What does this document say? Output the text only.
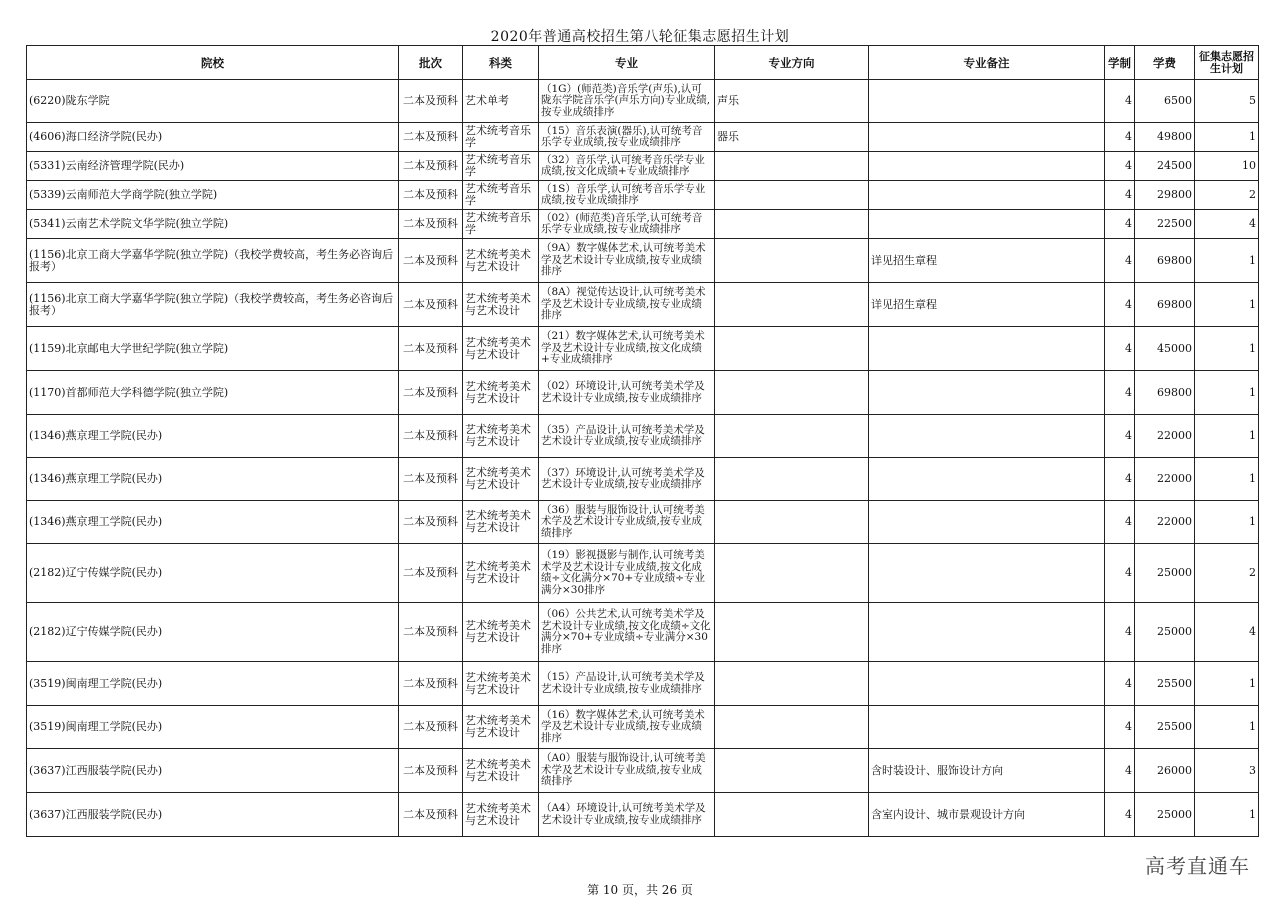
2020年普通高校招生第八轮征集志愿招生计划
院校	批次	科类	专业	专业方向	专业备注	学制	学费	征集志愿招生计划
(6220)陇东学院	二本及预科	艺术单考	（1G）(师范类)音乐学(声乐),认可陇东学院音乐学(声乐方向)专业成绩,按专业成绩排序	声乐		4	6500	5
(4606)海口经济学院(民办)	二本及预科	艺术统考音乐学	（15）音乐表演(器乐),认可统考音乐学专业成绩,按专业成绩排序	器乐		4	49800	1
(5331)云南经济管理学院(民办)	二本及预科	艺术统考音乐学	（32）音乐学,认可统考音乐学专业成绩,按文化成绩+专业成绩排序			4	24500	10
(5339)云南师范大学商学院(独立学院)	二本及预科	艺术统考音乐学	（1S）音乐学,认可统考音乐学专业成绩,按专业成绩排序			4	29800	2
(5341)云南艺术学院文华学院(独立学院)	二本及预科	艺术统考音乐学	（02）(师范类)音乐学,认可统考音乐学专业成绩,按专业成绩排序			4	22500	4
(1156)北京工商大学嘉华学院(独立学院)（我校学费较高，考生务必咨询后报考）	二本及预科	艺术统考美术与艺术设计	（9A）数字媒体艺术,认可统考美术学及艺术设计专业成绩,按专业成绩排序		详见招生章程	4	69800	1
(1156)北京工商大学嘉华学院(独立学院)（我校学费较高，考生务必咨询后报考）	二本及预科	艺术统考美术与艺术设计	（8A）视觉传达设计,认可统考美术学及艺术设计专业成绩,按专业成绩排序		详见招生章程	4	69800	1
(1159)北京邮电大学世纪学院(独立学院)	二本及预科	艺术统考美术与艺术设计	（21）数字媒体艺术,认可统考美术学及艺术设计专业成绩,按文化成绩+专业成绩排序			4	45000	1
(1170)首都师范大学科德学院(独立学院)	二本及预科	艺术统考美术与艺术设计	（02）环境设计,认可统考美术学及艺术设计专业成绩,按专业成绩排序			4	69800	1
(1346)燕京理工学院(民办)	二本及预科	艺术统考美术与艺术设计	（35）产品设计,认可统考美术学及艺术设计专业成绩,按专业成绩排序			4	22000	1
(1346)燕京理工学院(民办)	二本及预科	艺术统考美术与艺术设计	（37）环境设计,认可统考美术学及艺术设计专业成绩,按专业成绩排序			4	22000	1
(1346)燕京理工学院(民办)	二本及预科	艺术统考美术与艺术设计	（36）服装与服饰设计,认可统考美术学及艺术设计专业成绩,按专业成绩排序			4	22000	1
(2182)辽宁传媒学院(民办)	二本及预科	艺术统考美术与艺术设计	（19）影视摄影与制作,认可统考美术学及艺术设计专业成绩,按文化成绩÷文化满分×70+专业成绩÷专业满分×30排序			4	25000	2
(2182)辽宁传媒学院(民办)	二本及预科	艺术统考美术与艺术设计	（06）公共艺术,认可统考美术学及艺术设计专业成绩,按文化成绩÷文化满分×70+专业成绩÷专业满分×30排序			4	25000	4
(3519)闽南理工学院(民办)	二本及预科	艺术统考美术与艺术设计	（15）产品设计,认可统考美术学及艺术设计专业成绩,按专业成绩排序			4	25500	1
(3519)闽南理工学院(民办)	二本及预科	艺术统考美术与艺术设计	（16）数字媒体艺术,认可统考美术学及艺术设计专业成绩,按专业成绩排序			4	25500	1
(3637)江西服装学院(民办)	二本及预科	艺术统考美术与艺术设计	（A0）服装与服饰设计,认可统考美术学及艺术设计专业成绩,按专业成绩排序		含时装设计、服饰设计方向	4	26000	3
(3637)江西服装学院(民办)	二本及预科	艺术统考美术与艺术设计	（A4）环境设计,认可统考美术学及艺术设计专业成绩,按专业成绩排序		含室内设计、城市景观设计方向	4	25000	1
第 10 页，共 26 页
高考直通车
